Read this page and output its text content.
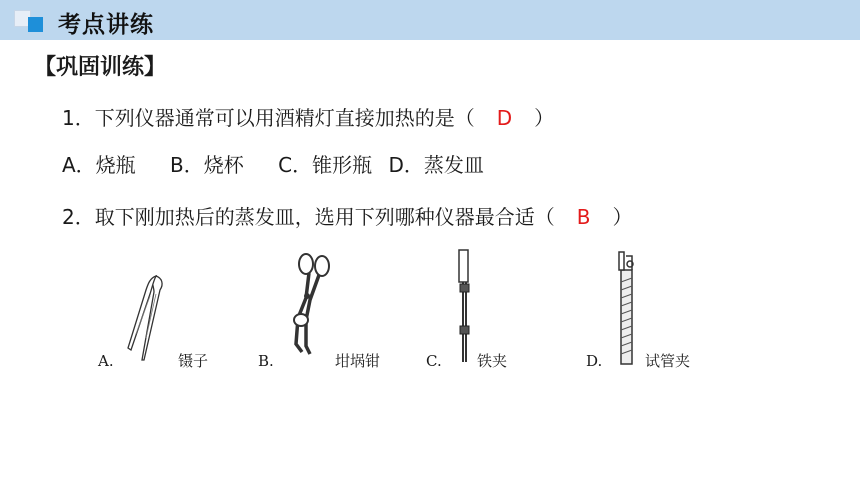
考点讲练
【巩固训练】
1．下列仪器通常可以用酒精灯直接加热的是（ D ）
A．烧瓶 B．烧杯 C．锥形瓶 D．蒸发皿
2．取下刚加热后的蒸发皿，选用下列哪种仪器最合适（ B ）
A.	镊子	B.	坩埚钳	C. 铁夹	D.	试管夹
